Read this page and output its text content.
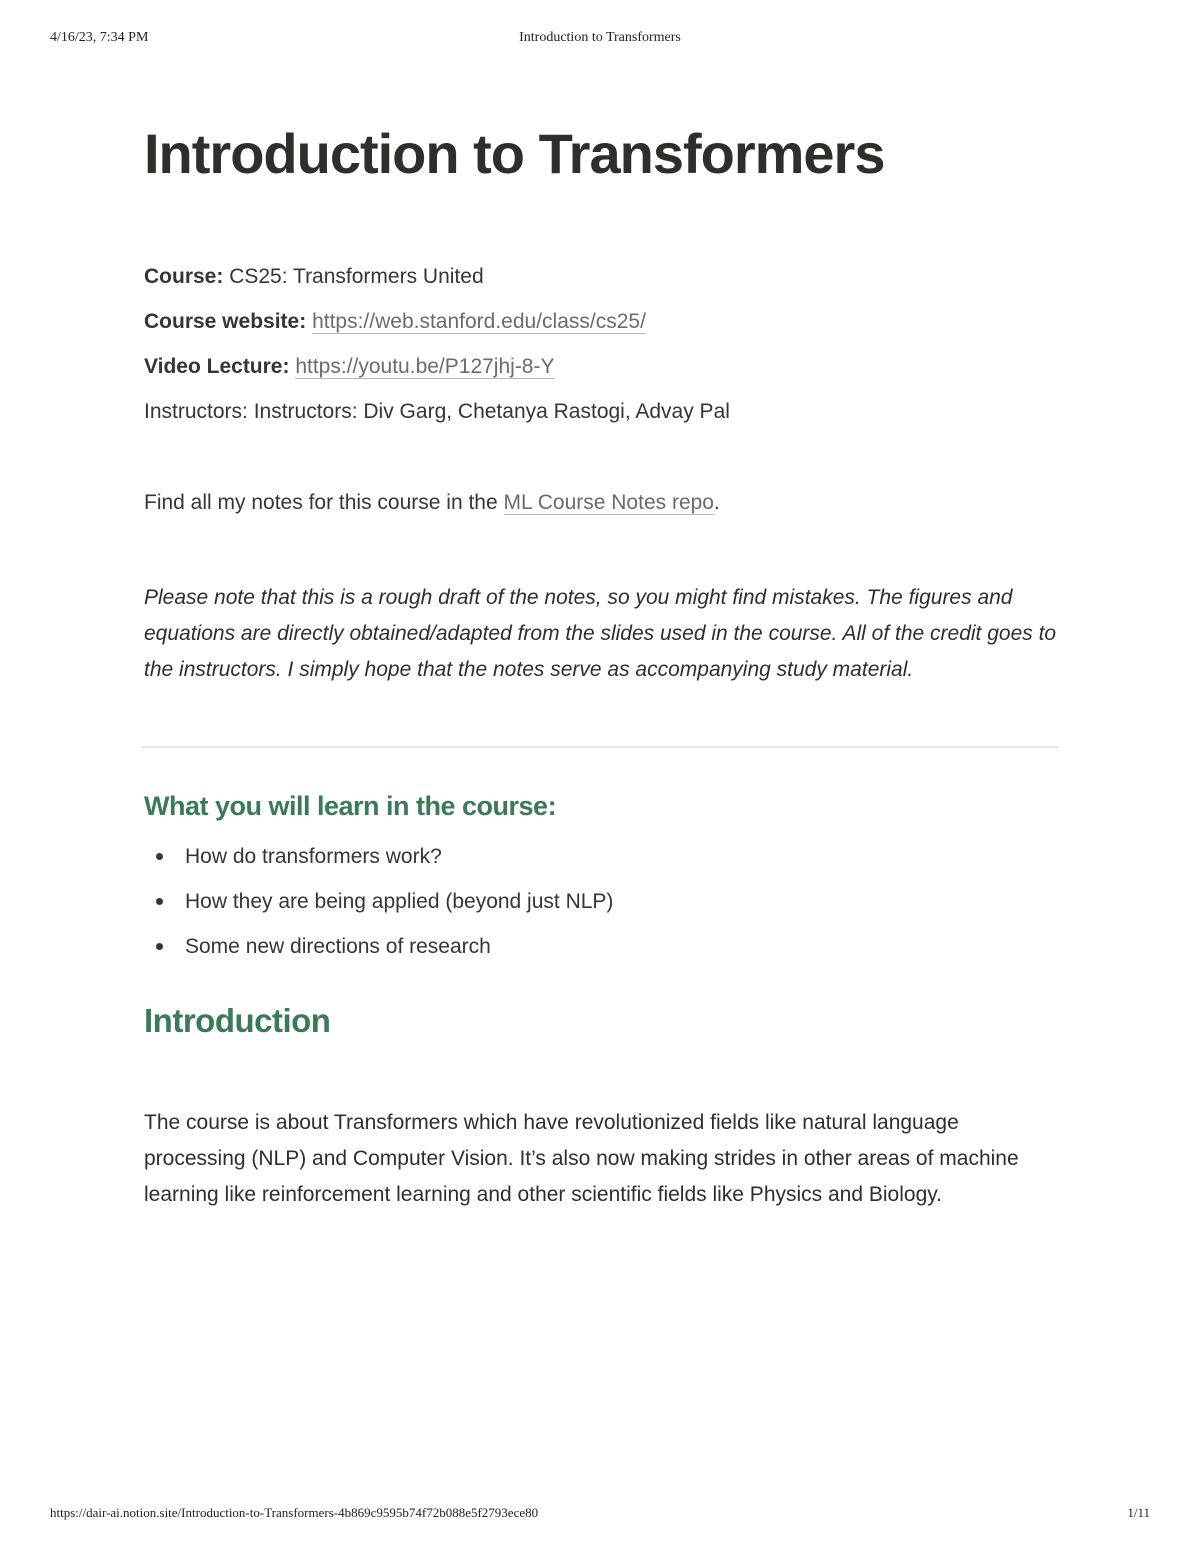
4/16/23, 7:34 PM	Introduction to Transformers
Introduction to Transformers
Course: CS25: Transformers United
Course website: https://web.stanford.edu/class/cs25/
Video Lecture: https://youtu.be/P127jhj-8-Y
Instructors: Instructors: Div Garg, Chetanya Rastogi, Advay Pal
Find all my notes for this course in the ML Course Notes repo.
Please note that this is a rough draft of the notes, so you might find mistakes. The figures and equations are directly obtained/adapted from the slides used in the course. All of the credit goes to the instructors. I simply hope that the notes serve as accompanying study material.
What you will learn in the course:
How do transformers work?
How they are being applied (beyond just NLP)
Some new directions of research
Introduction

The course is about Transformers which have revolutionized fields like natural language processing (NLP) and Computer Vision. It’s also now making strides in other areas of machine learning like reinforcement learning and other scientific fields like Physics and Biology.

https://dair-ai.notion.site/Introduction-to-Transformers-4b869c9595b74f72b088e5f2793ece80	1/11
